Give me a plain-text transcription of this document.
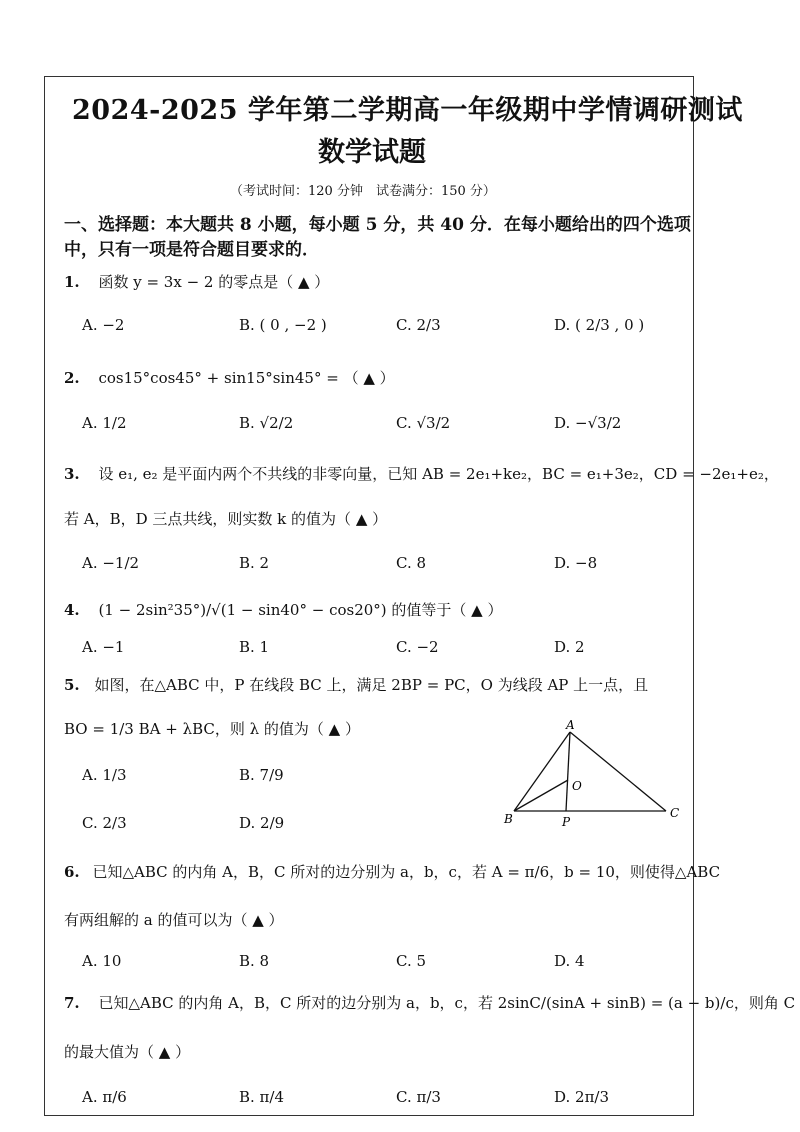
2024-2025 学年第二学期高一年级期中学情调研测试
数学试题
（考试时间：120 分钟　试卷满分：150 分）
一、选择题：本大题共 8 小题，每小题 5 分，共 40 分．在每小题给出的四个选项中，只有一项是符合题目要求的．
1. 函数 y = 3x − 2 的零点是（ ▲ ）
A. −2	B. ( 0 , −2 )	C. 2/3	D. ( 2/3 , 0 )
2. cos15°cos45° + sin15°sin45° = （ ▲ ）
A. 1/2	B. √2/2	C. √3/2	D. −√3/2
3. 设 e₁, e₂ 是平面内两个不共线的非零向量，已知 AB = 2e₁+ke₂，BC = e₁+3e₂，CD = −2e₁+e₂，
若 A，B，D 三点共线，则实数 k 的值为（ ▲ ）
A. −1/2	B. 2	C. 8	D. −8
4. (1 − 2sin²35°)/√(1 − sin40° − cos20°) 的值等于（ ▲ ）
A. −1	B. 1	C. −2	D. 2
5. 如图，在△ABC 中，P 在线段 BC 上，满足 2BP = PC，O 为线段 AP 上一点，且
BO = 1/3 BA + λBC，则 λ 的值为（ ▲ ）
A. 1/3	B. 7/9
C. 2/3	D. 2/9
A
O
B	P
C
6. 已知△ABC 的内角 A，B，C 所对的边分别为 a，b，c，若 A = π/6，b = 10，则使得△ABC
有两组解的 a 的值可以为（ ▲ ）
A. 10	B. 8	C. 5	D. 4
7. 已知△ABC 的内角 A，B，C 所对的边分别为 a，b，c，若 2sinC/(sinA + sinB) = (a − b)/c，则角 C
的最大值为（ ▲ ）
A. π/6	B. π/4	C. π/3	D. 2π/3
